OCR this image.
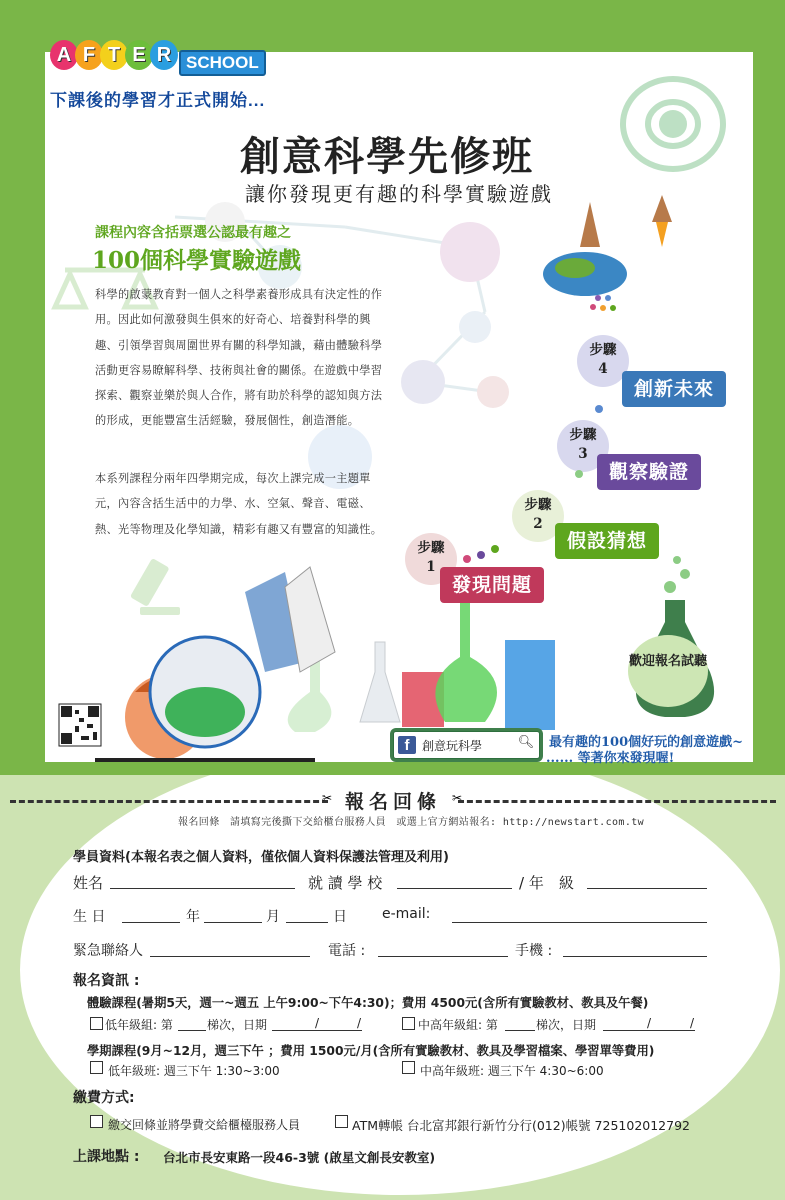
A F T E R SCHOOL
下課後的學習才正式開始...
創意科學先修班
讓你發現更有趣的科學實驗遊戲
課程內容含括票選公認最有趣之
100個科學實驗遊戲
科學的啟蒙教育對一個人之科學素養形成具有決定性的作用。因此如何激發與生俱來的好奇心、培養對科學的興趣、引領學習與周圍世界有關的科學知識，藉由體驗科學活動更容易瞭解科學、技術與社會的關係。在遊戲中學習探索、觀察並樂於與人合作，將有助於科學的認知與方法的形成，更能豐富生活經驗，發展個性，創造潛能。
本系列課程分兩年四學期完成，每次上課完成一主題單元，內容含括生活中的力學、水、空氣、聲音、電磁、熱、光等物理及化學知識，精彩有趣又有豐富的知識性。
步驟
4
創新未來
步驟
3
觀察驗證
步驟
2
假設猜想
步驟
1
發現問題
歡迎報名試聽
f	創意玩科學	🔍︎ 最有趣的100個好玩的創意遊戲~
...... 等著你來發現喔!
✂	✂
報名回條
報名回條　請填寫完後撕下交給櫃台服務人員　或選上官方網站報名: http://newstart.com.tw
學員資料(本報名表之個人資料，僅依個人資料保護法管理及利用)
姓名	就 讀 學 校	/ 年　級
生 日	年	月	日	e-mail:
緊急聯絡人	電話 :	手機 :
報名資訊 :
體驗課程(暑期5天，週一~週五 上午9:00~下午4:30)；費用 4500元(含所有實驗教材、教具及午餐)
低年級組: 第	梯次，日期	/	/	中高年級組: 第	梯次，日期	/	/
學期課程(9月~12月，週三下午 ；費用 1500元/月(含所有實驗教材、教具及學習檔案、學習單等費用)
低年級班: 週三下午 1:30~3:00	中高年級班: 週三下午 4:30~6:00
繳費方式:
繳交回條並將學費交給櫃檯服務人員	ATM轉帳 台北富邦銀行新竹分行(012)帳號 725102012792
上課地點 : 台北市長安東路一段46-3號 (啟星文創長安教室)
